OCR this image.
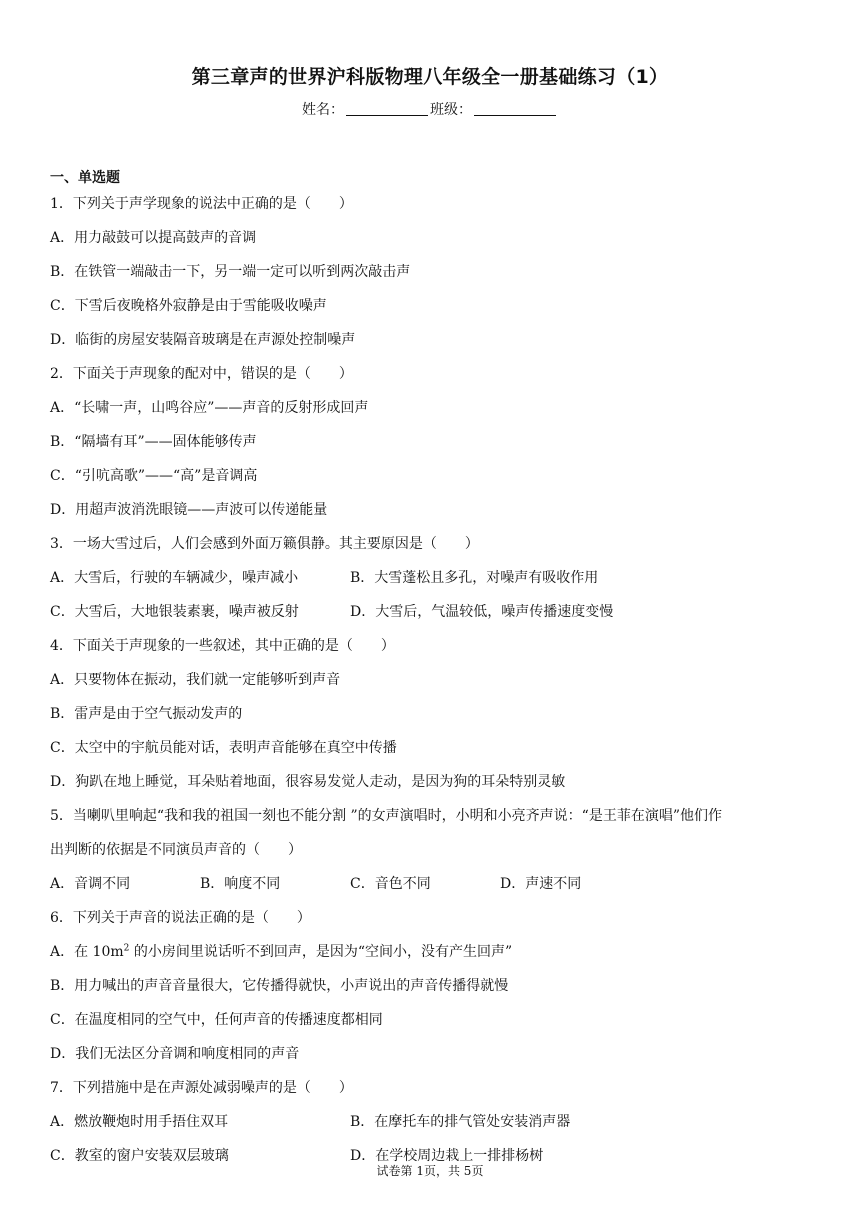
第三章声的世界沪科版物理八年级全一册基础练习（1）
姓名：	班级：
一、单选题
1．下列关于声学现象的说法中正确的是（　　）
A．用力敲鼓可以提高鼓声的音调
B．在铁管一端敲击一下，另一端一定可以听到两次敲击声
C．下雪后夜晚格外寂静是由于雪能吸收噪声
D．临街的房屋安装隔音玻璃是在声源处控制噪声
2．下面关于声现象的配对中，错误的是（　　）
A．“长啸一声，山鸣谷应”——声音的反射形成回声
B．“隔墙有耳”——固体能够传声
C．“引吭高歌”——“高”是音调高
D．用超声波消洗眼镜——声波可以传递能量
3．一场大雪过后，人们会感到外面万籁俱静。其主要原因是（　　）
A．大雪后，行驶的车辆减少，噪声减小	B．大雪蓬松且多孔，对噪声有吸收作用
C．大雪后，大地银装素裹，噪声被反射	D．大雪后，气温较低，噪声传播速度变慢
4．下面关于声现象的一些叙述，其中正确的是（　　）
A．只要物体在振动，我们就一定能够听到声音
B．雷声是由于空气振动发声的
C．太空中的宇航员能对话，表明声音能够在真空中传播
D．狗趴在地上睡觉，耳朵贴着地面，很容易发觉人走动，是因为狗的耳朵特别灵敏
5．当喇叭里响起“我和我的祖国一刻也不能分割 ”的女声演唱时，小明和小亮齐声说：“是王菲在演唱”他们作
出判断的依据是不同演员声音的（　　）
A．音调不同	B．响度不同	C．音色不同	D．声速不同
6．下列关于声音的说法正确的是（　　）
A．在 $10m^2$ 的小房间里说话听不到回声，是因为“空间小，没有产生回声”
B．用力喊出的声音音量很大，它传播得就快，小声说出的声音传播得就慢
C．在温度相同的空气中，任何声音的传播速度都相同
D．我们无法区分音调和响度相同的声音
7．下列措施中是在声源处减弱噪声的是（　　）
A．燃放鞭炮时用手捂住双耳	B．在摩托车的排气管处安装消声器
C．教室的窗户安装双层玻璃	D．在学校周边栽上一排排杨树
试卷第 1页，共 5页
